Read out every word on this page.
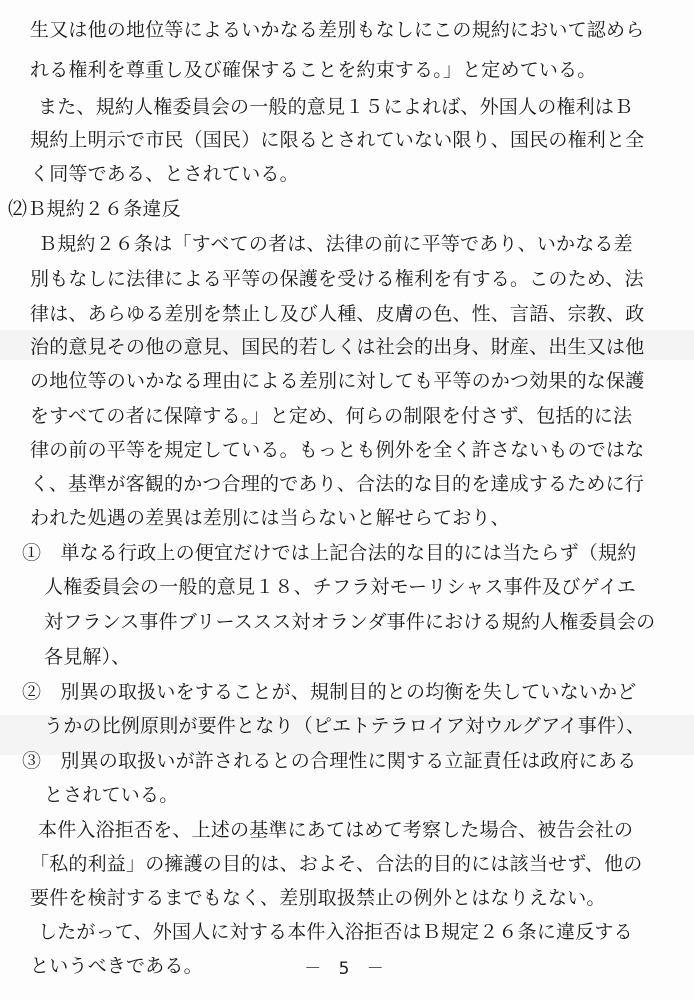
生又は他の地位等によるいかなる差別もなしにこの規約において認めら
れる権利を尊重し及び確保することを約束する。」と定めている。
また、規約人権委員会の一般的意見１５によれば、外国人の権利はＢ
規約上明示で市民（国民）に限るとされていない限り、国民の権利と全
く同等である、とされている。
⑵Ｂ規約２６条違反
Ｂ規約２６条は「すべての者は、法律の前に平等であり、いかなる差
別もなしに法律による平等の保護を受ける権利を有する。このため、法
律は、あらゆる差別を禁止し及び人種、皮膚の色、性、言語、宗教、政
治的意見その他の意見、国民的若しくは社会的出身、財産、出生又は他
の地位等のいかなる理由による差別に対しても平等のかつ効果的な保護
をすべての者に保障する。」と定め、何らの制限を付さず、包括的に法
律の前の平等を規定している。もっとも例外を全く許さないものではな
く、基準が客観的かつ合理的であり、合法的な目的を達成するために行
われた処遇の差異は差別には当らないと解せらており、
①　単なる行政上の便宜だけでは上記合法的な目的には当たらず（規約
人権委員会の一般的意見１８、チフラ対モーリシャス事件及びゲイエ
対フランス事件ブリーススス対オランダ事件における規約人権委員会の
各見解）、
②　別異の取扱いをすることが、規制目的との均衡を失していないかど
うかの比例原則が要件となり（ピエトテラロイア対ウルグアイ事件）、
③　別異の取扱いが許されるとの合理性に関する立証責任は政府にある
とされている。
本件入浴拒否を、上述の基準にあてはめて考察した場合、被告会社の
「私的利益」の擁護の目的は、およそ、合法的目的には該当せず、他の
要件を検討するまでもなく、差別取扱禁止の例外とはなりえない。
したがって、外国人に対する本件入浴拒否はＢ規定２６条に違反する
というべきである。	－ 5 －
